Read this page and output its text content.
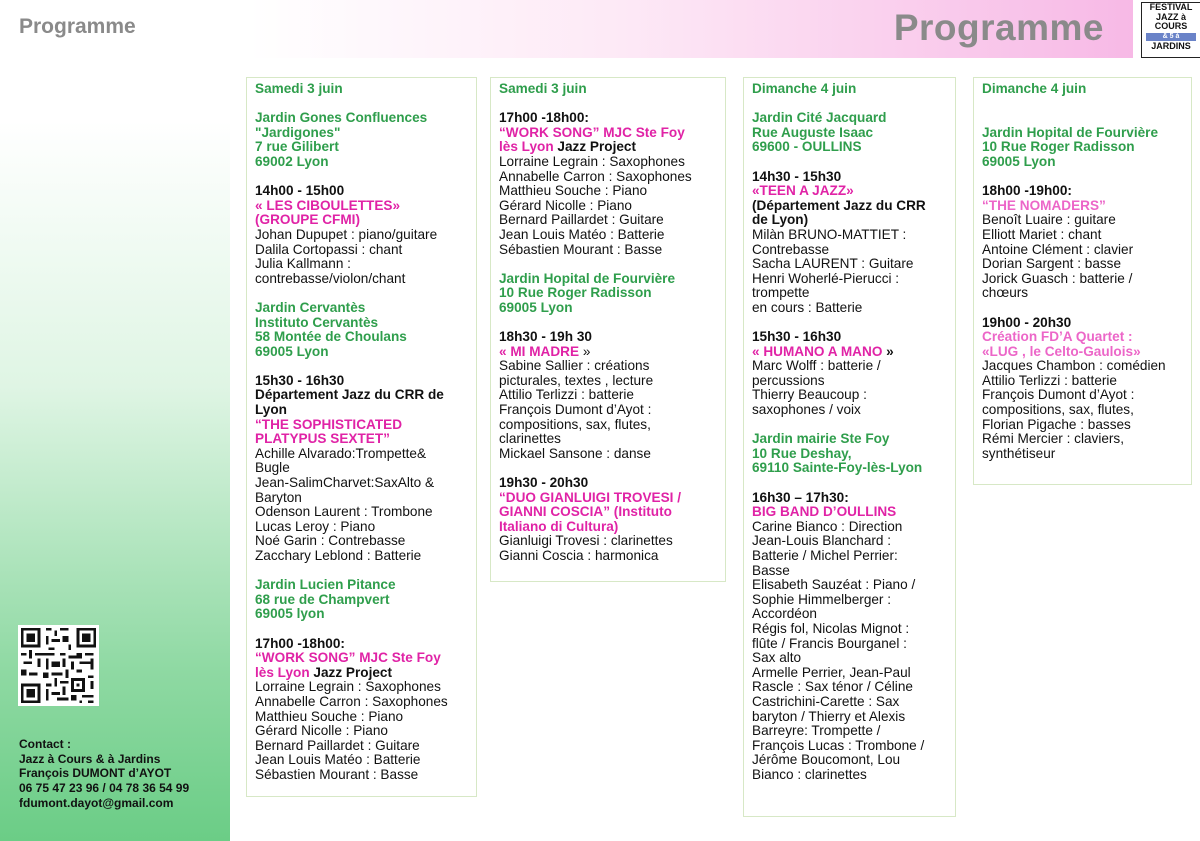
Programme	Programme	FESTIVAL
JAZZ à
COURS
& 5 à
JARDINS
Contact :
Jazz à Cours & à Jardins
François DUMONT d’AYOT
06 75 47 23 96 / 04 78 36 54 99
fdumont.dayot@gmail.com
Samedi 3 juin
Jardin Gones Confluences
"Jardigones"
7 rue Gilibert
69002 Lyon
14h00 - 15h00
« LES CIBOULETTES»
(GROUPE CFMI)
Johan Dupupet : piano/guitare
Dalila Cortopassi : chant
Julia Kallmann :
contrebasse/violon/chant
Jardin Cervantès
Instituto Cervantès
58 Montée de Choulans
69005 Lyon
15h30 - 16h30
Département Jazz du CRR de
Lyon
“THE SOPHISTICATED
PLATYPUS SEXTET”
Achille Alvarado:Trompette&
Bugle
Jean-SalimCharvet:SaxAlto &
Baryton
Odenson Laurent : Trombone
Lucas Leroy : Piano
Noé Garin : Contrebasse
Zacchary Leblond : Batterie
Jardin Lucien Pitance
68 rue de Champvert
69005 lyon
17h00 -18h00:
“WORK SONG” MJC Ste Foy
lès Lyon Jazz Project
Lorraine Legrain : Saxophones
Annabelle Carron : Saxophones
Matthieu Souche : Piano
Gérard Nicolle : Piano
Bernard Paillardet : Guitare
Jean Louis Matéo : Batterie
Sébastien Mourant : Basse
Samedi 3 juin
17h00 -18h00:
“WORK SONG” MJC Ste Foy
lès Lyon Jazz Project
Lorraine Legrain : Saxophones
Annabelle Carron : Saxophones
Matthieu Souche : Piano
Gérard Nicolle : Piano
Bernard Paillardet : Guitare
Jean Louis Matéo : Batterie
Sébastien Mourant : Basse
Jardin Hopital de Fourvière
10 Rue Roger Radisson
69005 Lyon
18h30 - 19h 30
« MI MADRE »
Sabine Sallier : créations
picturales, textes , lecture
Attilio Terlizzi : batterie
François Dumont d’Ayot :
compositions, sax, flutes,
clarinettes
Mickael Sansone : danse
19h30 - 20h30
“DUO GIANLUIGI TROVESI /
GIANNI COSCIA” (Instituto
Italiano di Cultura)
Gianluigi Trovesi : clarinettes
Gianni Coscia : harmonica
Dimanche 4 juin
Jardin Cité Jacquard
Rue Auguste Isaac
69600 - OULLINS
14h30 - 15h30
«TEEN A JAZZ»
(Département Jazz du CRR
de Lyon)
Milàn BRUNO-MATTIET :
Contrebasse
Sacha LAURENT : Guitare
Henri Woherlé-Pierucci :
trompette
en cours : Batterie
15h30 - 16h30
« HUMANO A MANO »
Marc Wolff : batterie /
percussions
Thierry Beaucoup :
saxophones / voix
Jardin mairie Ste Foy
10 Rue Deshay,
69110 Sainte-Foy-lès-Lyon
16h30 – 17h30:
BIG BAND D’OULLINS
Carine Bianco : Direction
Jean-Louis Blanchard :
Batterie / Michel Perrier:
Basse
Elisabeth Sauzéat : Piano /
Sophie Himmelberger :
Accordéon
Régis fol, Nicolas Mignot :
flûte / Francis Bourganel :
Sax alto
Armelle Perrier, Jean-Paul
Rascle : Sax ténor / Céline
Castrichini-Carette : Sax
baryton / Thierry et Alexis
Barreyre: Trompette /
François Lucas : Trombone /
Jérôme Boucomont, Lou
Bianco : clarinettes
Dimanche 4 juin
Jardin Hopital de Fourvière
10 Rue Roger Radisson
69005 Lyon
18h00 -19h00:
“THE NOMADERS”
Benoît Luaire : guitare
Elliott Mariet : chant
Antoine Clément : clavier
Dorian Sargent : basse
Jorick Guasch : batterie /
chœurs
19h00 - 20h30
Création FD’A Quartet :
«LUG , le Celto-Gaulois»
Jacques Chambon : comédien
Attilio Terlizzi : batterie
François Dumont d’Ayot :
compositions, sax, flutes,
Florian Pigache : basses
Rémi Mercier : claviers,
synthétiseur
